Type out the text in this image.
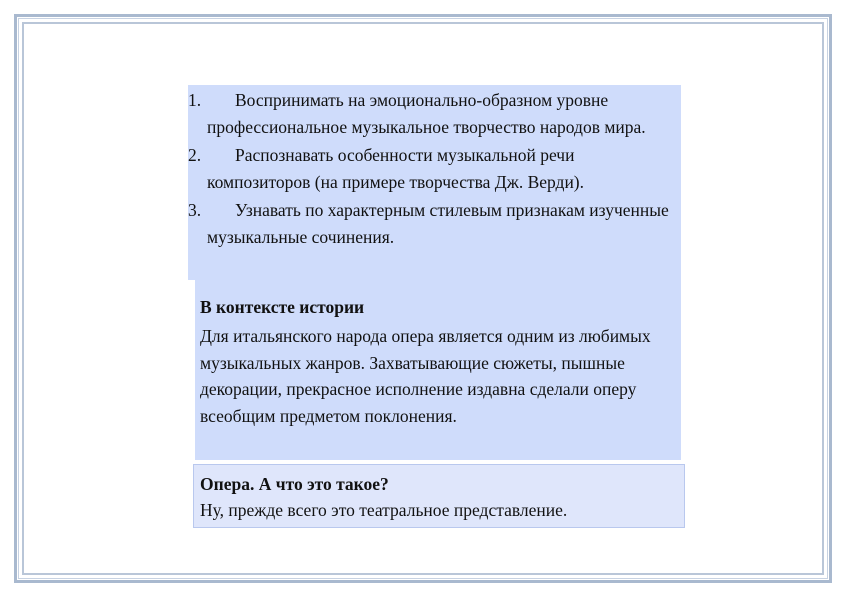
1.	Воспринимать на эмоционально-образном уровне профессиональное музыкальное творчество народов мира.
2.	Распознавать особенности музыкальной речи композиторов (на примере творчества Дж. Верди).
3.	Узнавать по характерным стилевым признакам изученные музыкальные сочинения.
В контексте истории
Для итальянского народа опера является одним из любимых музыкальных жанров. Захватывающие сюжеты, пышные декорации, прекрасное исполнение издавна сделали оперу всеобщим предметом поклонения.
Опера. А что это такое?
Ну, прежде всего это театральное представление.
